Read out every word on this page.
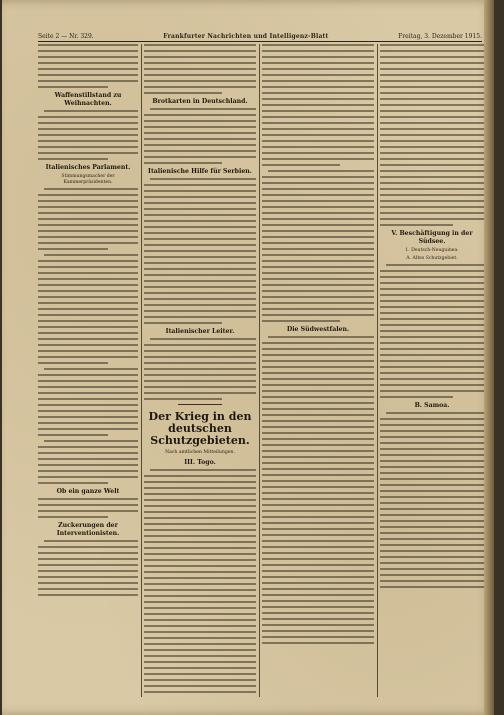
Seite 2 — Nr. 329.	Frankfurter Nachrichten und Intelligenz-Blatt	Freitag, 3. Dezember 1915.
Waffenstillstand zu Weihnachten.
Italienisches Parlament.
Stimmungsmacher der Kammerpräsidenten.
Ob ein ganze Welt
Zuckerungen der Interventionisten.
Brotkarten in Deutschland.
Italienische Hilfe für Serbien.
Italienischer Leiter.
Der Krieg in den deutschen Schutzgebieten.
Nach amtlichen Mitteilungen.
III. Togo.
Die Südwestfalen.
V. Beschäftigung in der Südsee.
1. Deutsch-Neuguinea.
A. Altes Schutzgebiet.
B. Samoa.
